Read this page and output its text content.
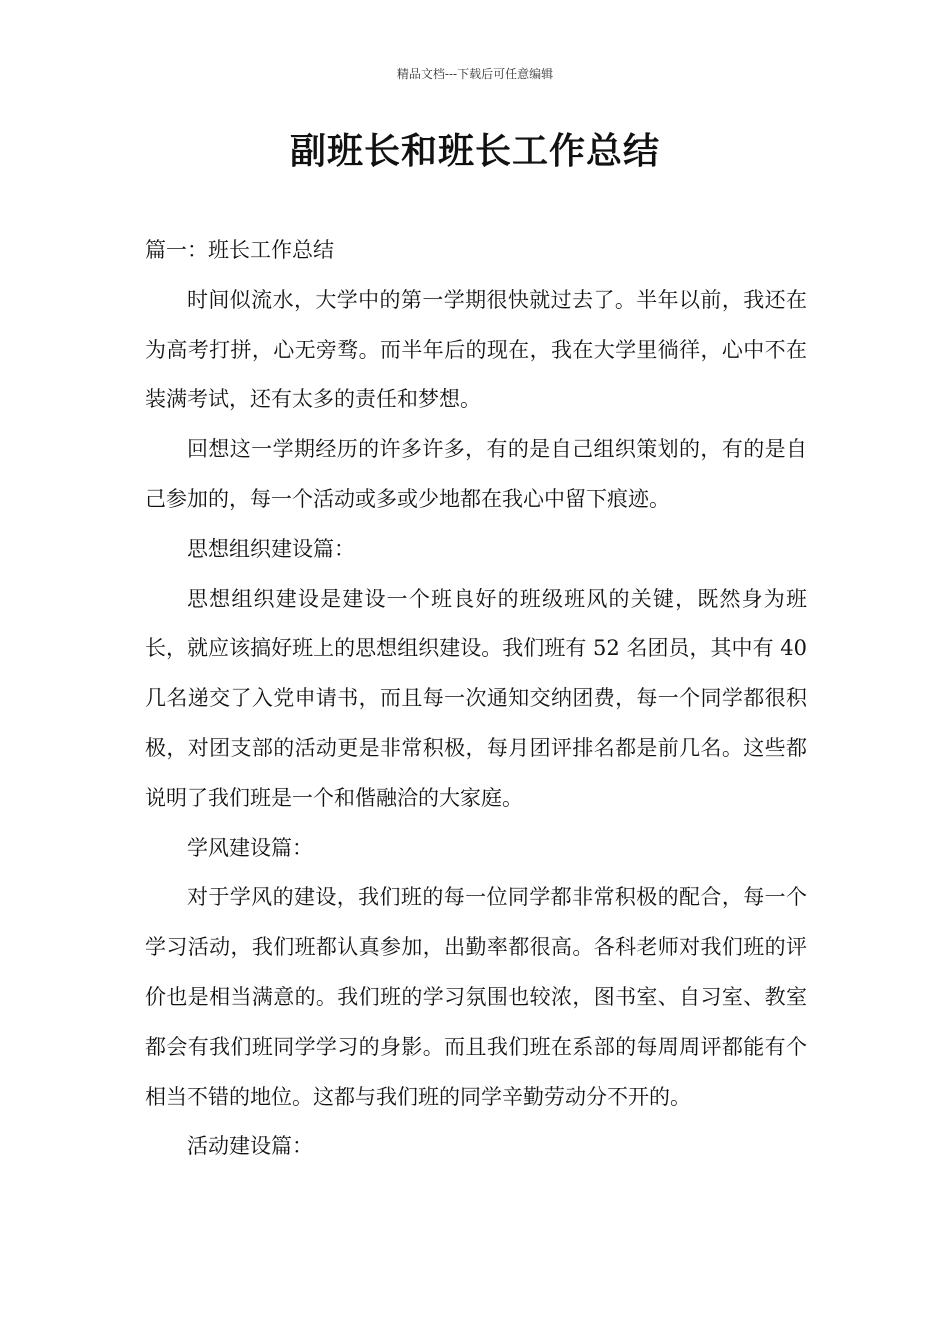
精品文档---下载后可任意编辑
副班长和班长工作总结

篇一：班长工作总结

时间似流水，大学中的第一学期很快就过去了。半年以前，我还在为高考打拼，心无旁骛。而半年后的现在，我在大学里徜徉，心中不在装满考试，还有太多的责任和梦想。

回想这一学期经历的许多许多，有的是自己组织策划的，有的是自己参加的，每一个活动或多或少地都在我心中留下痕迹。

思想组织建设篇：

思想组织建设是建设一个班良好的班级班风的关键，既然身为班长，就应该搞好班上的思想组织建设。我们班有 52 名团员，其中有 40 几名递交了入党申请书，而且每一次通知交纳团费，每一个同学都很积极，对团支部的活动更是非常积极，每月团评排名都是前几名。这些都说明了我们班是一个和偕融洽的大家庭。

学风建设篇：

对于学风的建设，我们班的每一位同学都非常积极的配合，每一个学习活动，我们班都认真参加，出勤率都很高。各科老师对我们班的评价也是相当满意的。我们班的学习氛围也较浓，图书室、自习室、教室都会有我们班同学学习的身影。而且我们班在系部的每周周评都能有个相当不错的地位。这都与我们班的同学辛勤劳动分不开的。

活动建设篇：
